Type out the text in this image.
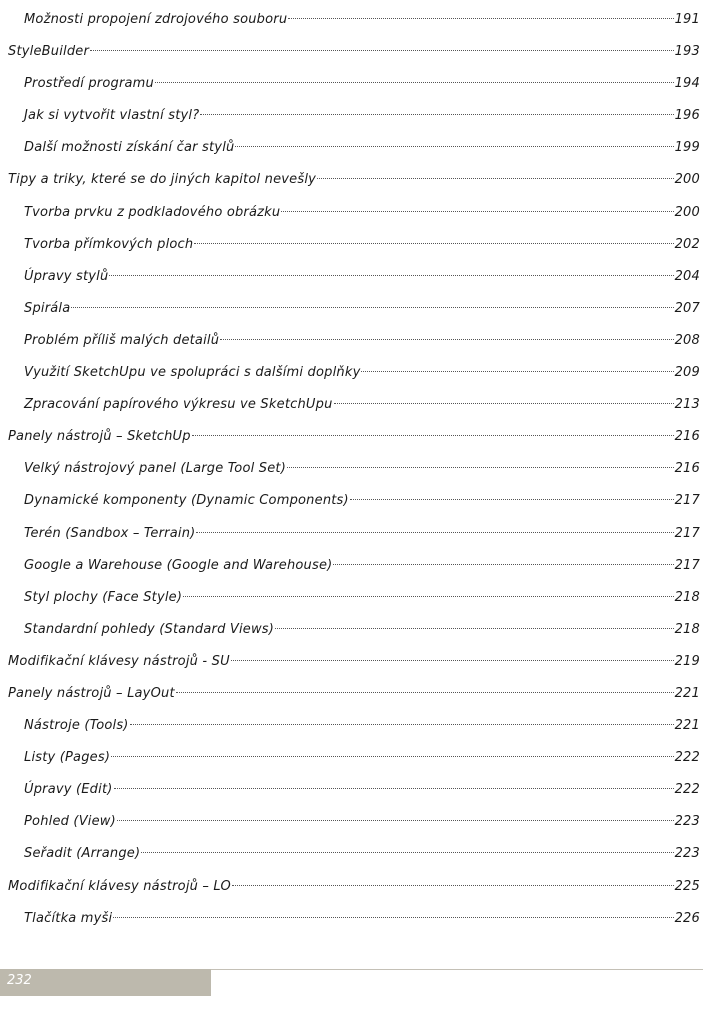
Možnosti propojení zdrojového souboru	191
StyleBuilder	193
Prostředí programu	194
Jak si vytvořit vlastní styl?	196
Další možnosti získání čar stylů	199
Tipy a triky, které se do jiných kapitol nevešly	200
Tvorba prvku z podkladového obrázku	200
Tvorba přímkových ploch	202
Úpravy stylů	204
Spirála	207
Problém příliš malých detailů	208
Využití SketchUpu ve spolupráci s dalšími doplňky	209
Zpracování papírového výkresu ve SketchUpu	213
Panely nástrojů – SketchUp	216
Velký nástrojový panel (Large Tool Set)	216
Dynamické komponenty (Dynamic Components)	217
Terén (Sandbox – Terrain)	217
Google a Warehouse (Google and Warehouse)	217
Styl plochy (Face Style)	218
Standardní pohledy (Standard Views)	218
Modifikační klávesy nástrojů - SU	219
Panely nástrojů – LayOut	221
Nástroje (Tools)	221
Listy (Pages)	222
Úpravy (Edit)	222
Pohled (View)	223
Seřadit (Arrange)	223
Modifikační klávesy nástrojů – LO	225
Tlačítka myši	226
232
